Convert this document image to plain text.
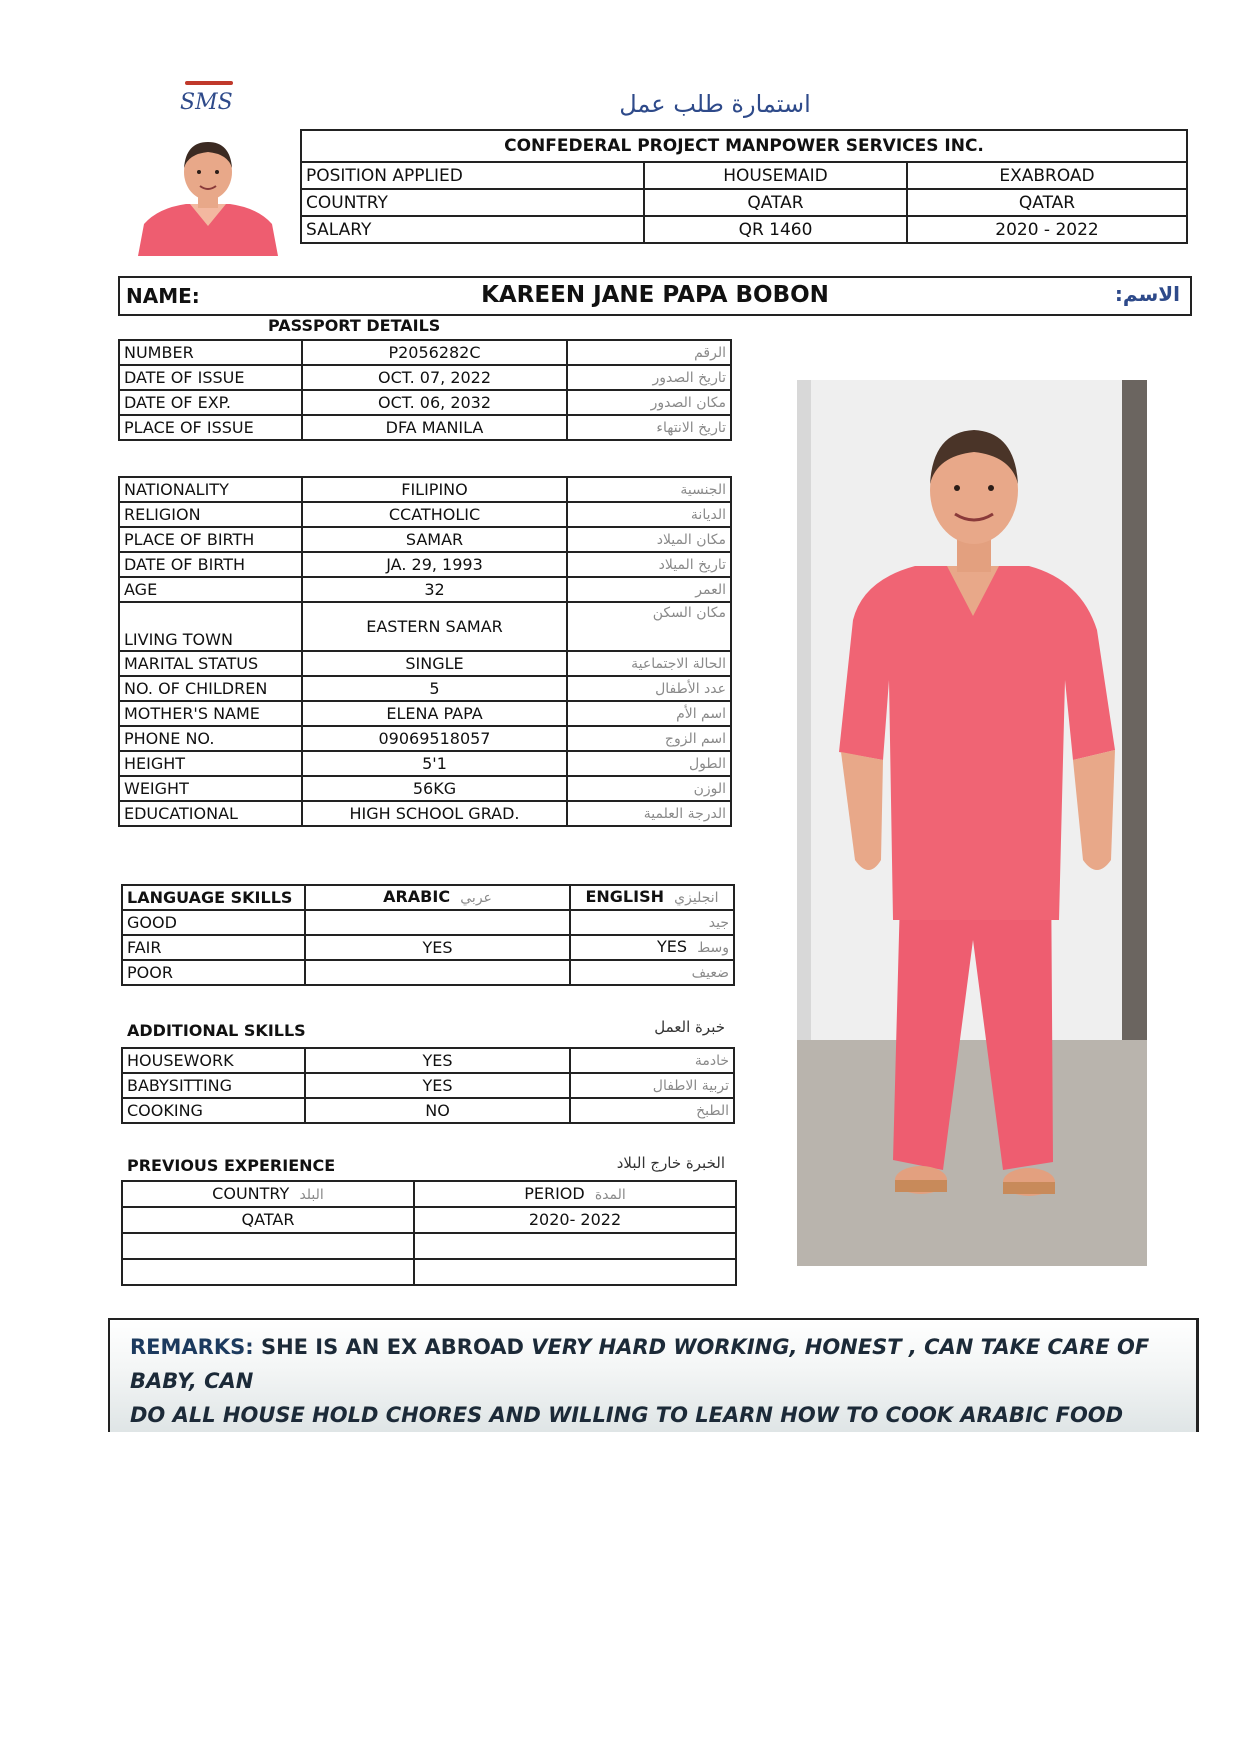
SMS	استمارة طلب عمل
CONFEDERAL PROJECT MANPOWER SERVICES INC.		
POSITION APPLIED	HOUSEMAID	EXABROAD
COUNTRY	QATAR	QATAR
SALARY	QR 1460	2020 - 2022
NAME:	KAREEN JANE PAPA BOBON	الاسم:
PASSPORT DETAILS
NUMBER	P2056282C	الرقم
DATE OF ISSUE	OCT. 07, 2022	تاريخ الصدور
DATE OF EXP.	OCT. 06, 2032	مكان الصدور
PLACE OF ISSUE	DFA MANILA	تاريخ الانتهاء
NATIONALITY	FILIPINO	الجنسية
RELIGION	CCATHOLIC	الديانة
PLACE OF BIRTH	SAMAR	مكان الميلاد
DATE OF BIRTH	JA. 29, 1993	تاريخ الميلاد
AGE	32	العمر
LIVING TOWN	EASTERN SAMAR	مكان السكن
MARITAL STATUS	SINGLE	الحالة الاجتماعية
NO. OF CHILDREN	5	عدد الأطفال
MOTHER'S NAME	ELENA PAPA	اسم الأم
PHONE NO.	09069518057	اسم الزوج
HEIGHT	5'1	الطول
WEIGHT	56KG	الوزن
EDUCATIONAL	HIGH SCHOOL GRAD.	الدرجة العلمية
LANGUAGE SKILLS	ARABIC عربي	ENGLISH انجليزي
GOOD		جيد
FAIR	YES	YES وسط
POOR		ضعيف
ADDITIONAL SKILLS	خبرة العمل
HOUSEWORK	YES	خادمة
BABYSITTING	YES	تربية الاطفال
COOKING	NO	الطبخ
PREVIOUS EXPERIENCE	الخبرة خارج البلاد
COUNTRY البلد	PERIOD المدة
QATAR	2020- 2022

REMARKS: SHE IS AN EX ABROAD VERY HARD WORKING, HONEST , CAN TAKE CARE OF BABY, CAN
DO ALL HOUSE HOLD CHORES AND WILLING TO LEARN HOW TO COOK ARABIC FOOD
